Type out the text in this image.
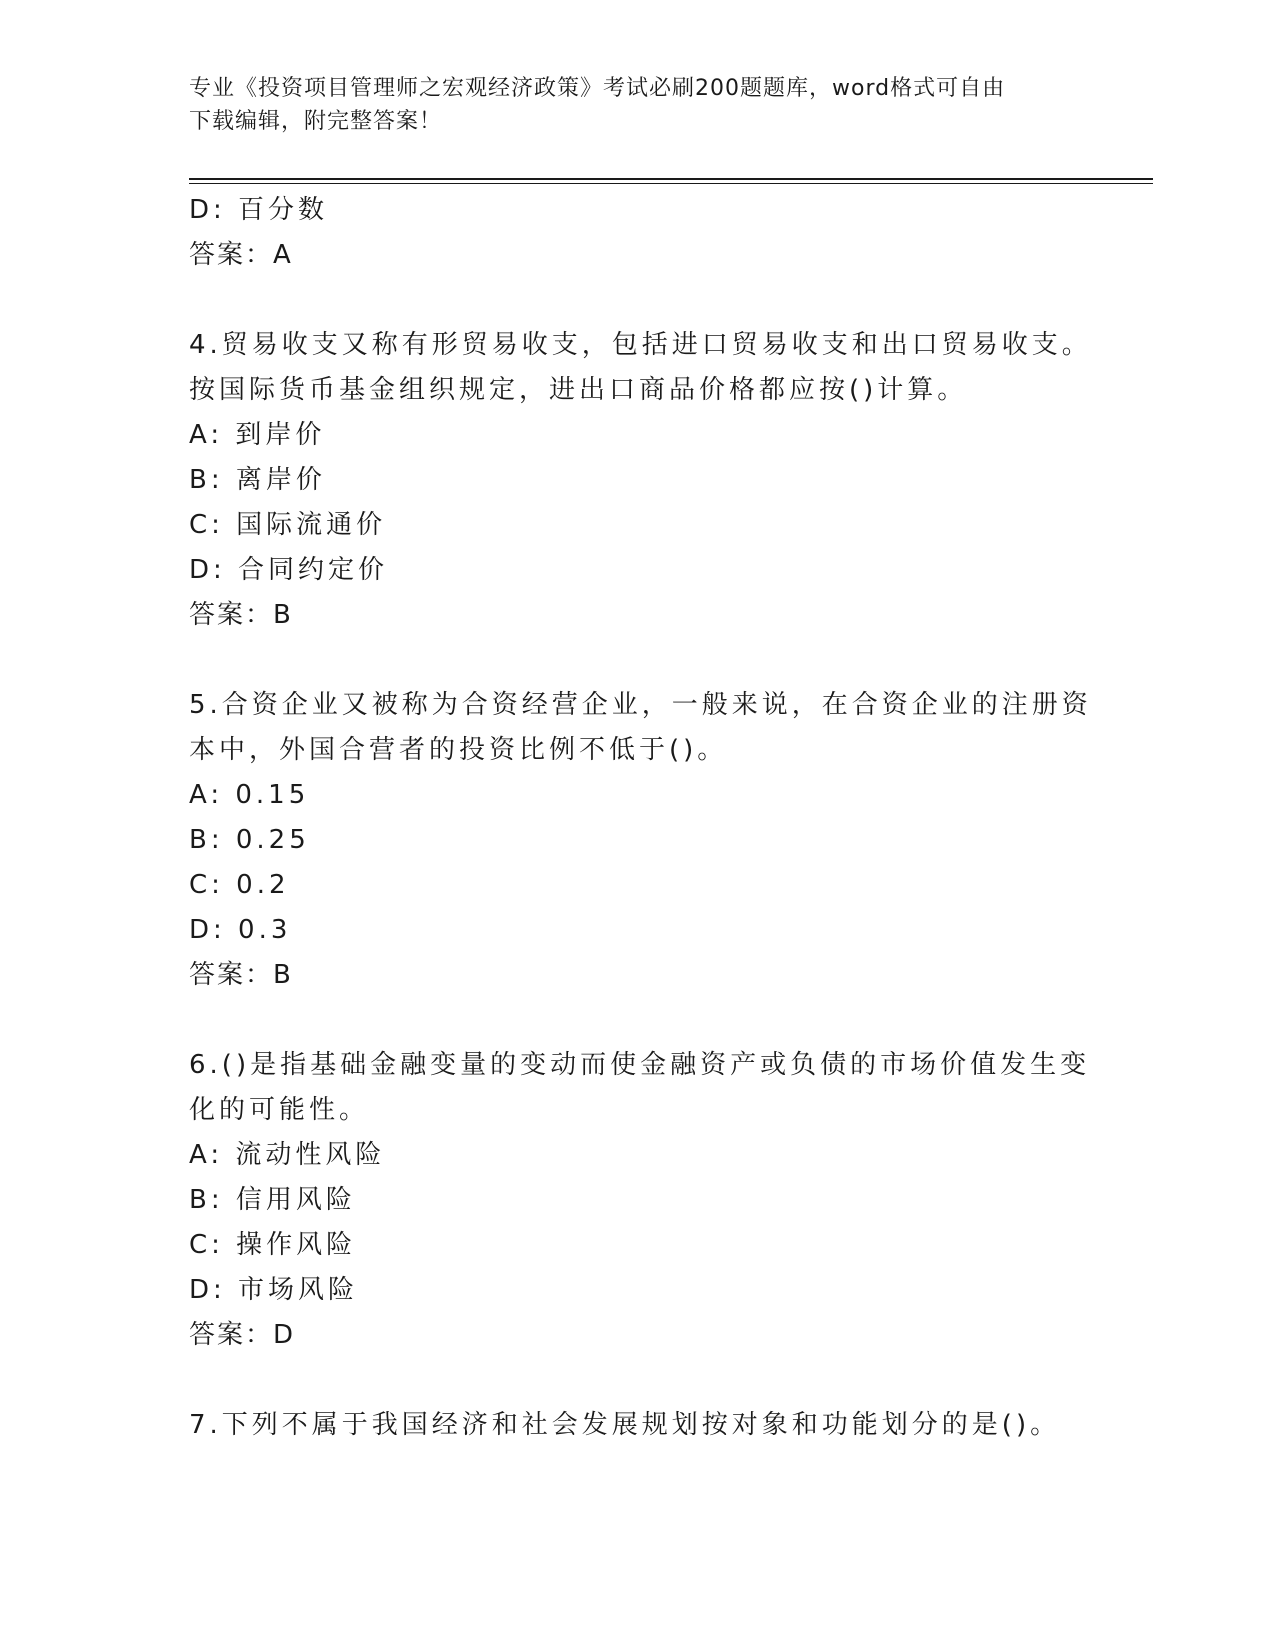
专业《投资项目管理师之宏观经济政策》考试必刷200题题库，word格式可自由
下载编辑，附完整答案！
D: 百分数
答案：A
4.贸易收支又称有形贸易收支，包括进口贸易收支和出口贸易收支。
按国际货币基金组织规定，进出口商品价格都应按()计算。
A: 到岸价
B: 离岸价
C: 国际流通价
D: 合同约定价
答案：B
5.合资企业又被称为合资经营企业，一般来说，在合资企业的注册资
本中，外国合营者的投资比例不低于()。
A: 0.15
B: 0.25
C: 0.2
D: 0.3
答案：B
6.()是指基础金融变量的变动而使金融资产或负债的市场价值发生变
化的可能性。
A: 流动性风险
B: 信用风险
C: 操作风险
D: 市场风险
答案：D
7.下列不属于我国经济和社会发展规划按对象和功能划分的是()。
